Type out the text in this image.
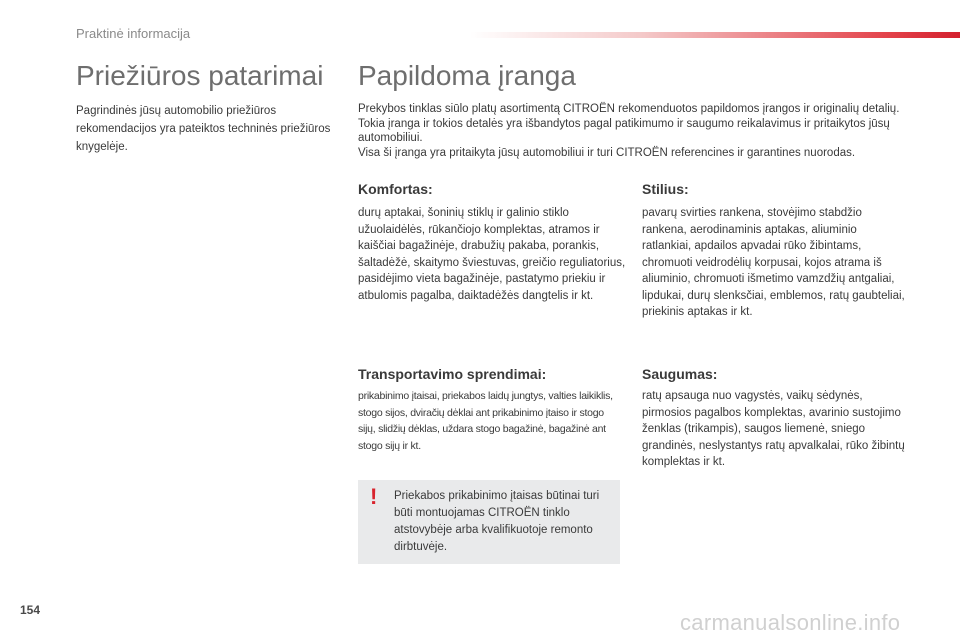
Praktinė informacija
Priežiūros patarimai

Pagrindinės jūsų automobilio priežiūros rekomendacijos yra pateiktos techninės priežiūros knygelėje.

Papildoma įranga

Prekybos tinklas siūlo platų asortimentą CITROËN rekomenduotos papildomos įrangos ir originalių detalių.

Tokia įranga ir tokios detalės yra išbandytos pagal patikimumo ir saugumo reikalavimus ir pritaikytos jūsų automobiliui.

Visa ši įranga yra pritaikyta jūsų automobiliui ir turi CITROËN referencines ir garantines nuorodas.

Komfortas:

durų aptakai, šoninių stiklų ir galinio stiklo užuolaidėlės, rūkančiojo komplektas, atramos ir kaiščiai bagažinėje, drabužių pakaba, porankis, šaltadėžė, skaitymo šviestuvas, greičio reguliatorius, pasidėjimo vieta bagažinėje, pastatymo priekiu ir atbulomis pagalba, daiktadėžės dangtelis ir kt.

Stilius:

pavarų svirties rankena, stovėjimo stabdžio rankena, aerodinaminis aptakas, aliuminio ratlankiai, apdailos apvadai rūko žibintams, chromuoti veidrodėlių korpusai, kojos atrama iš aliuminio, chromuoti išmetimo vamzdžių antgaliai, lipdukai, durų slenksčiai, emblemos, ratų gaubteliai, priekinis aptakas ir kt.

Transportavimo sprendimai:

prikabinimo įtaisai, priekabos laidų jungtys, valties laikiklis, stogo sijos, dviračių dėklai ant prikabinimo įtaiso ir stogo sijų, slidžių dėklas, uždara stogo bagažinė, bagažinė ant stogo sijų ir kt.

Saugumas:

ratų apsauga nuo vagystės, vaikų sėdynės, pirmosios pagalbos komplektas, avarinio sustojimo ženklas (trikampis), saugos liemenė, sniego grandinės, neslystantys ratų apvalkalai, rūko žibintų komplektas ir kt.

! Priekabos prikabinimo įtaisas būtinai turi būti montuojamas CITROËN tinklo atstovybėje arba kvalifikuotoje remonto dirbtuvėje.

154	carmanualsonline.info
